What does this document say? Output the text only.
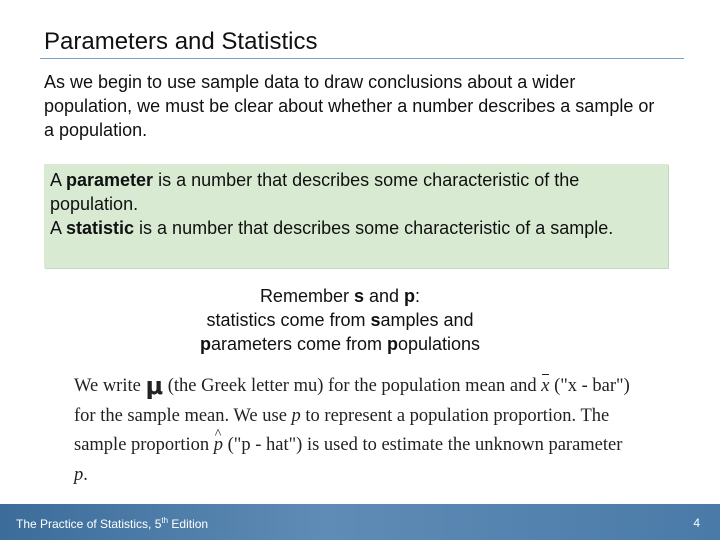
Parameters and Statistics
As we begin to use sample data to draw conclusions about a wider population, we must be clear about whether a number describes a sample or a population.
A parameter is a number that describes some characteristic of the population.
A statistic is a number that describes some characteristic of a sample.
Remember s and p:
statistics come from samples and
parameters come from populations
We write μ (the Greek letter mu) for the population mean and x ("x - bar") for the sample mean. We use p to represent a population proportion. The sample proportion ^ p ("p - hat") is used to estimate the unknown parameter p.
The Practice of Statistics, 5th Edition	4
